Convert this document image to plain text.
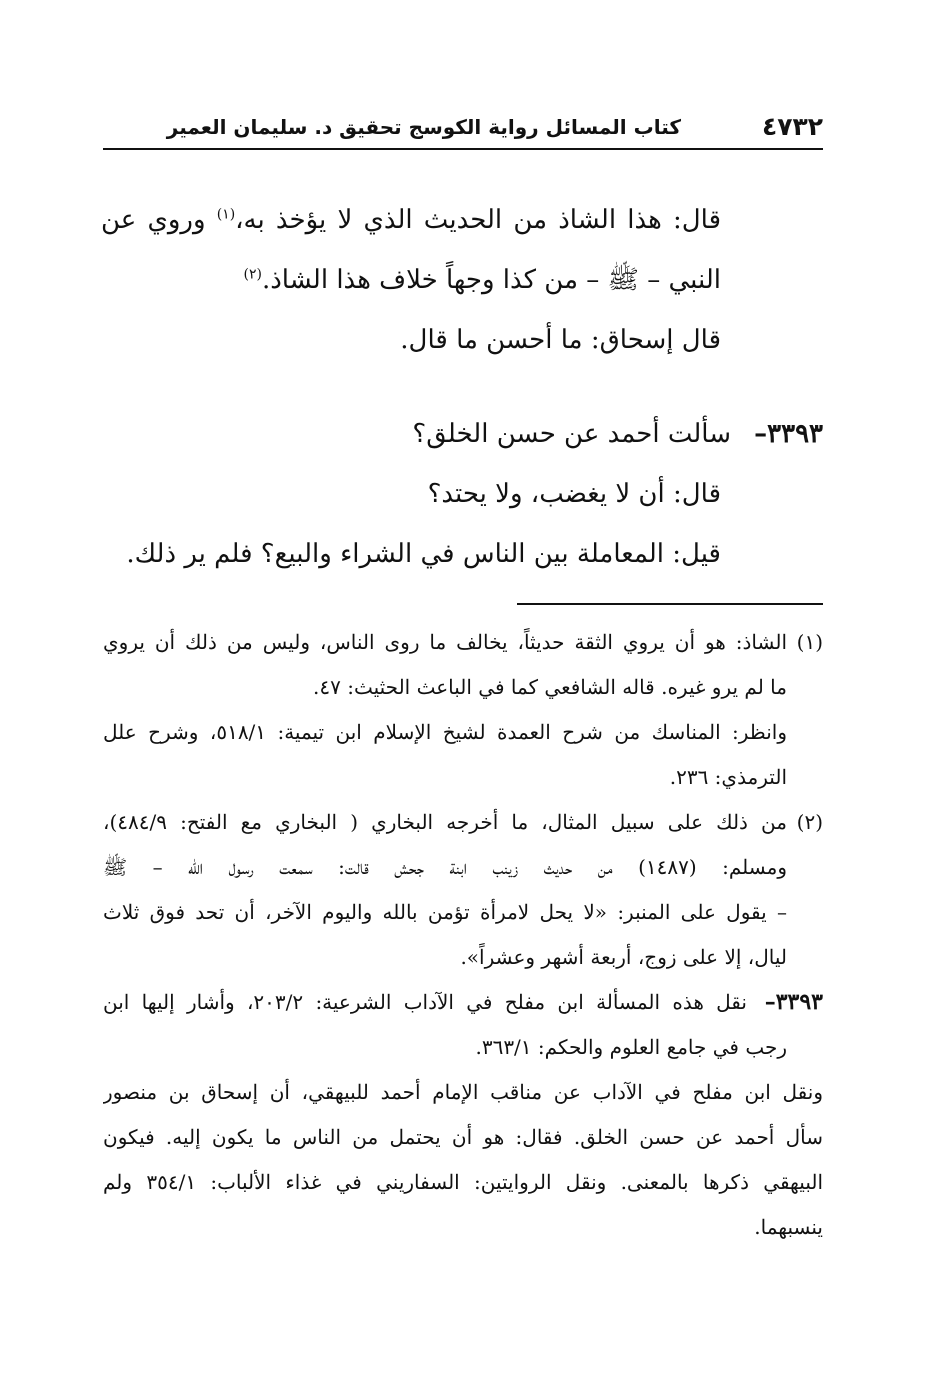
٤٧٣٢
كتاب المسائل رواية الكوسج تحقيق د. سليمان العمير
قال: هذا الشاذ من الحديث الذي لا يؤخذ به،$^{(١)}$ وروي عن
النبي – ﷺ – من كذا وجهاً خلاف هذا الشاذ.$^{(٢)}$
قال إسحاق: ما أحسن ما قال.
٣٣٩٣–سألت أحمد عن حسن الخلق؟
قال: أن لا يغضب، ولا يحتد؟
قيل: المعاملة بين الناس في الشراء والبيع؟ فلم ير ذلك.
(١)الشاذ: هو أن يروي الثقة حديثاً، يخالف ما روى الناس، وليس من ذلك أن يروي
ما لم يرو غيره. قاله الشافعي كما في الباعث الحثيث: ٤٧.
وانظر: المناسك من شرح العمدة لشيخ الإسلام ابن تيمية: ٥١٨/١، وشرح علل
الترمذي: ٢٣٦.
(٢)من ذلك على سبيل المثال، ما أخرجه البخاري ( البخاري مع الفتح: ٤٨٤/٩)،
ومسلم: (١٤٨٧) من حديث زينب ابنة جحش قالت: سمعت رسول الله – ﷺ
– يقول على المنبر: «لا يحل لامرأة تؤمن بالله واليوم الآخر، أن تحد فوق ثلاث
ليال، إلا على زوج، أربعة أشهر وعشراً».
٣٣٩٣–نقل هذه المسألة ابن مفلح في الآداب الشرعية: ٢٠٣/٢، وأشار إليها ابن
رجب في جامع العلوم والحكم: ٣٦٣/١.
ونقل ابن مفلح في الآداب عن مناقب الإمام أحمد للبيهقي، أن إسحاق بن منصور
سأل أحمد عن حسن الخلق. فقال: هو أن يحتمل من الناس ما يكون إليه. فيكون
البيهقي ذكرها بالمعنى. ونقل الروايتين: السفاريني في غذاء الألباب: ٣٥٤/١ ولم
ينسبهما.
